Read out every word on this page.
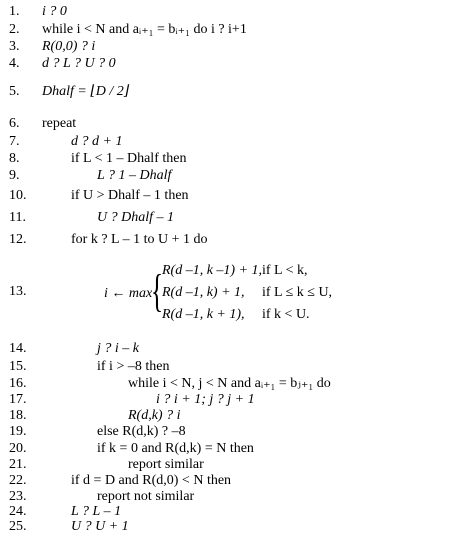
1.	i ? 0
2.	while i < N and aᵢ₊₁ = bᵢ₊₁ do i ? i+1
3.	R(0,0) ? i
4.	d ? L ? U ? 0
5.	Dhalf = ⌊D / 2⌋
6.	repeat
7.	d ? d + 1
8.	if L < 1 – Dhalf then
9.	L ? 1 – Dhalf
10.	if U > Dhalf – 1 then
11.	U ? Dhalf – 1
12.	for k ? L – 1 to U + 1 do
13.	i ← max
{
R(d –1, k –1) + 1, if L < k,
R(d –1, k) + 1, if L ≤ k ≤ U,
R(d –1, k + 1), if k < U.
14.	j ? i – k
15.	if i > –8 then
16.	while i < N, j < N and aᵢ₊₁ = bⱼ₊₁ do
17.	i ? i + 1; j ? j + 1
18.	R(d,k) ? i
19.	else R(d,k) ? –8
20.	if k = 0 and R(d,k) = N then
21.	report similar
22.	if d = D and R(d,0) < N then
23.	report not similar
24.	L ? L – 1
25.	U ? U + 1
